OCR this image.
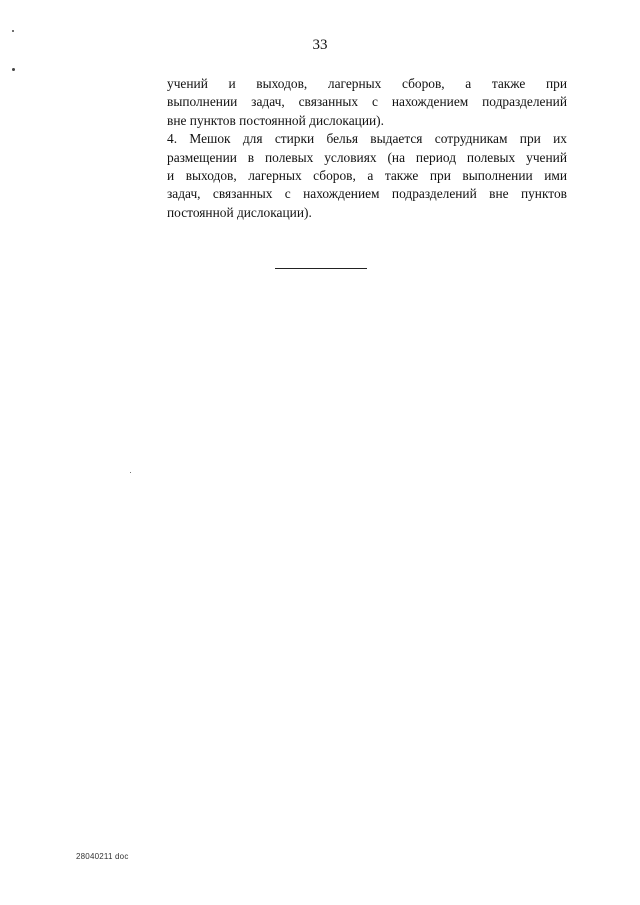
33
учений и выходов, лагерных сборов, а также при
выполнении задач, связанных с нахождением подразделений
вне пунктов постоянной дислокации).
4. Мешок для стирки белья выдается сотрудникам при их
размещении в полевых условиях (на период полевых учений
и выходов, лагерных сборов, а также при выполнении ими
задач, связанных с нахождением подразделений вне пунктов
постоянной дислокации).
28040211 doc
